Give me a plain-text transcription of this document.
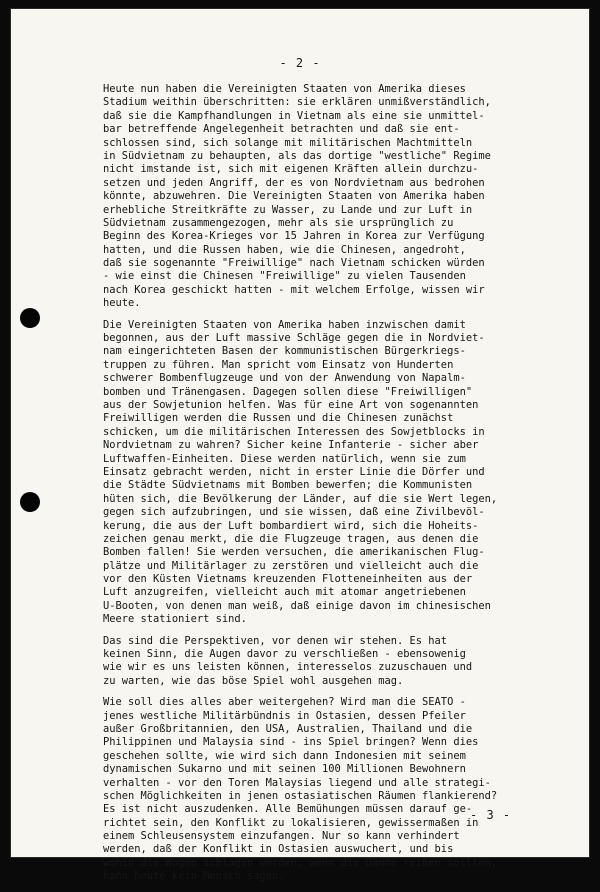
- 2 -
Heute nun haben die Vereinigten Staaten von Amerika dieses
Stadium weithin überschritten: sie erklären unmißverständlich,
daß sie die Kampfhandlungen in Vietnam als eine sie unmittel-
bar betreffende Angelegenheit betrachten und daß sie ent-
schlossen sind, sich solange mit militärischen Machtmitteln
in Südvietnam zu behaupten, als das dortige "westliche" Regime
nicht imstande ist, sich mit eigenen Kräften allein durchzu-
setzen und jeden Angriff, der es von Nordvietnam aus bedrohen
könnte, abzuwehren. Die Vereinigten Staaten von Amerika haben
erhebliche Streitkräfte zu Wasser, zu Lande und zur Luft in
Südvietnam zusammengezogen, mehr als sie ursprünglich zu
Beginn des Korea-Krieges vor 15 Jahren in Korea zur Verfügung
hatten, und die Russen haben, wie die Chinesen, angedroht,
daß sie sogenannte "Freiwillige" nach Vietnam schicken würden
- wie einst die Chinesen "Freiwillige" zu vielen Tausenden
nach Korea geschickt hatten - mit welchem Erfolge, wissen wir
heute.
Die Vereinigten Staaten von Amerika haben inzwischen damit
begonnen, aus der Luft massive Schläge gegen die in Nordviet-
nam eingerichteten Basen der kommunistischen Bürgerkriegs-
truppen zu führen. Man spricht vom Einsatz von Hunderten
schwerer Bombenflugzeuge und von der Anwendung von Napalm-
bomben und Tränengasen. Dagegen sollen diese "Freiwilligen"
aus der Sowjetunion helfen. Was für eine Art von sogenannten
Freiwilligen werden die Russen und die Chinesen zunächst
schicken, um die militärischen Interessen des Sowjetblocks in
Nordvietnam zu wahren? Sicher keine Infanterie - sicher aber
Luftwaffen-Einheiten. Diese werden natürlich, wenn sie zum
Einsatz gebracht werden, nicht in erster Linie die Dörfer und
die Städte Südvietnams mit Bomben bewerfen; die Kommunisten
hüten sich, die Bevölkerung der Länder, auf die sie Wert legen,
gegen sich aufzubringen, und sie wissen, daß eine Zivilbevöl-
kerung, die aus der Luft bombardiert wird, sich die Hoheits-
zeichen genau merkt, die die Flugzeuge tragen, aus denen die
Bomben fallen! Sie werden versuchen, die amerikanischen Flug-
plätze und Militärlager zu zerstören und vielleicht auch die
vor den Küsten Vietnams kreuzenden Flotteneinheiten aus der
Luft anzugreifen, vielleicht auch mit atomar angetriebenen
U-Booten, von denen man weiß, daß einige davon im chinesischen
Meere stationiert sind.
Das sind die Perspektiven, vor denen wir stehen. Es hat
keinen Sinn, die Augen davor zu verschließen - ebensowenig
wie wir es uns leisten können, interesselos zuzuschauen und
zu warten, wie das böse Spiel wohl ausgehen mag.
Wie soll dies alles aber weitergehen? Wird man die SEATO -
jenes westliche Militärbündnis in Ostasien, dessen Pfeiler
außer Großbritannien, den USA, Australien, Thailand und die
Philippinen und Malaysia sind - ins Spiel bringen? Wenn dies
geschehen sollte, wie wird sich dann Indonesien mit seinem
dynamischen Sukarno und mit seinen 100 Millionen Bewohnern
verhalten - vor den Toren Malaysias liegend und alle strategi-
schen Möglichkeiten in jenen ostasiatischen Räumen flankierend?
Es ist nicht auszudenken. Alle Bemühungen müssen darauf ge-
richtet sein, den Konflikt zu lokalisieren, gewissermaßen in
einem Schleusensystem einzufangen. Nur so kann verhindert
werden, daß der Konflikt in Ostasien auswuchert, und bis
wohin die Wogen schlagen werden, wenn die Dämme reißen sollten,
kann heute kein Mensch sagen.
- 3 -
